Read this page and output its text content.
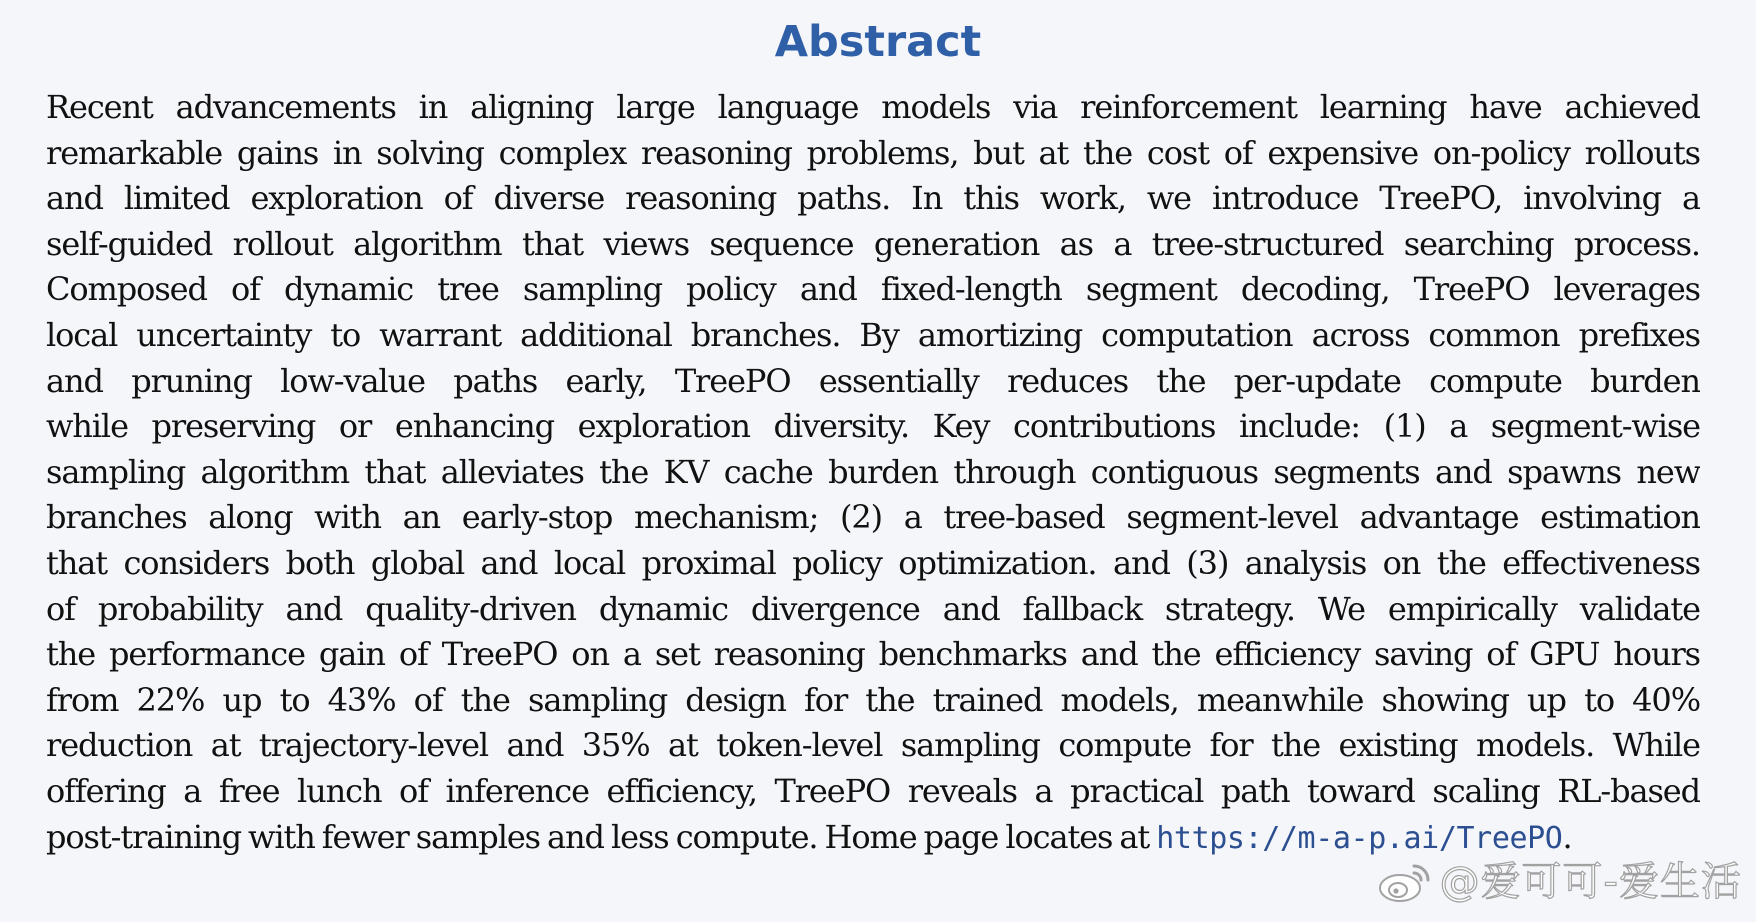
Abstract
Recent advancements in aligning large language models via reinforcement learning have achieved
remarkable gains in solving complex reasoning problems, but at the cost of expensive on-policy rollouts
and limited exploration of diverse reasoning paths. In this work, we introduce TreePO, involving a
self-guided rollout algorithm that views sequence generation as a tree-structured searching process.
Composed of dynamic tree sampling policy and fixed-length segment decoding, TreePO leverages
local uncertainty to warrant additional branches. By amortizing computation across common prefixes
and pruning low-value paths early, TreePO essentially reduces the per-update compute burden
while preserving or enhancing exploration diversity. Key contributions include: (1) a segment-wise
sampling algorithm that alleviates the KV cache burden through contiguous segments and spawns new
branches along with an early-stop mechanism; (2) a tree-based segment-level advantage estimation
that considers both global and local proximal policy optimization. and (3) analysis on the effectiveness
of probability and quality-driven dynamic divergence and fallback strategy. We empirically validate
the performance gain of TreePO on a set reasoning benchmarks and the efficiency saving of GPU hours
from 22% up to 43% of the sampling design for the trained models, meanwhile showing up to 40%
reduction at trajectory-level and 35% at token-level sampling compute for the existing models. While
offering a free lunch of inference efficiency, TreePO reveals a practical path toward scaling RL-based
post-training with fewer samples and less compute. Home page locates at https://m-a-p.ai/TreePO.
@爱可可-爱生活
